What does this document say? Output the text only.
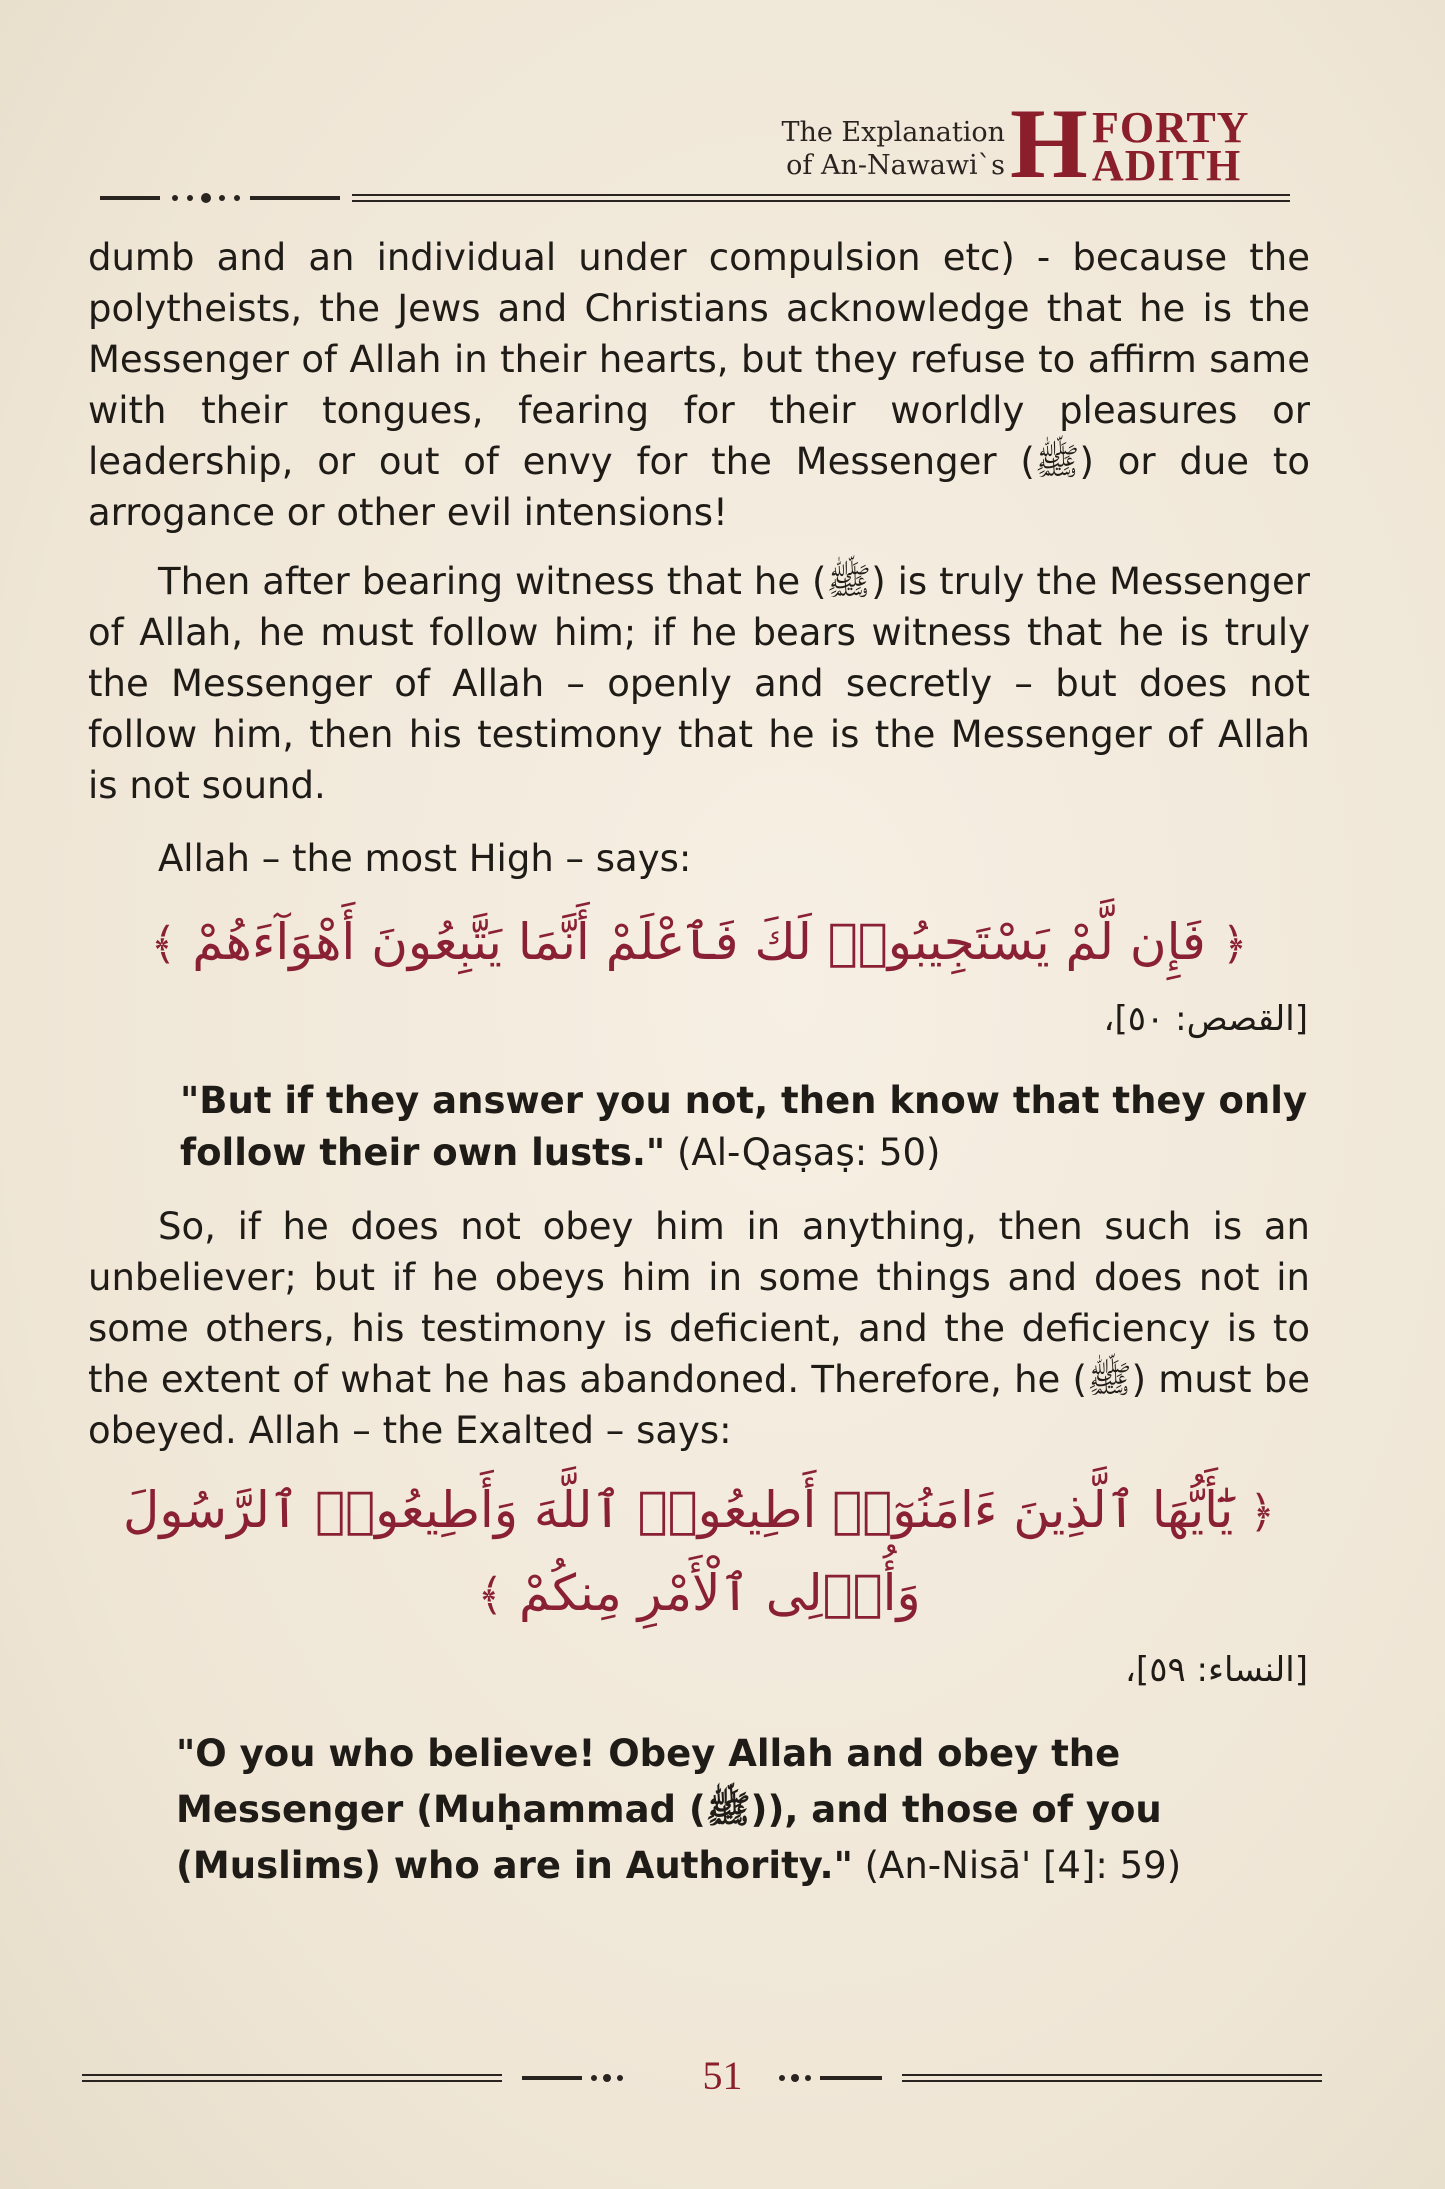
The Explanation
of An-Nawawi`s H FORTY
ADITH

dumb and an individual under compulsion etc) - because the polytheists, the Jews and Christians acknowledge that he is the Messenger of Allah in their hearts, but they refuse to affirm same with their tongues, fearing for their worldly pleasures or leadership, or out of envy for the Messenger (ﷺ) or due to arrogance or other evil intensions!

Then after bearing witness that he (ﷺ) is truly the Messenger of Allah, he must follow him; if he bears witness that he is truly the Messenger of Allah – openly and secretly – but does not follow him, then his testimony that he is the Messenger of Allah is not sound.

Allah – the most High – says:

﴿ فَإِن لَّمْ يَسْتَجِيبُوا۟ لَكَ فَٱعْلَمْ أَنَّمَا يَتَّبِعُونَ أَهْوَآءَهُمْ ﴾
[القصص: ٥٠]،

"But if they answer you not, then know that they only follow their own lusts." (Al-Qaṣaṣ: 50)

So, if he does not obey him in anything, then such is an unbeliever; but if he obeys him in some things and does not in some others, his testimony is deficient, and the deficiency is to the extent of what he has abandoned. Therefore, he (ﷺ) must be obeyed. Allah – the Exalted – says:

﴿ يَٰٓأَيُّهَا ٱلَّذِينَ ءَامَنُوٓا۟ أَطِيعُوا۟ ٱللَّهَ وَأَطِيعُوا۟ ٱلرَّسُولَ وَأُو۟لِى ٱلْأَمْرِ مِنكُمْ ﴾
[النساء: ٥٩]،

"O you who believe! Obey Allah and obey the Messenger (Muḥammad (ﷺ)), and those of you (Muslims) who are in Authority." (An-Nisā' [4]: 59)

51
